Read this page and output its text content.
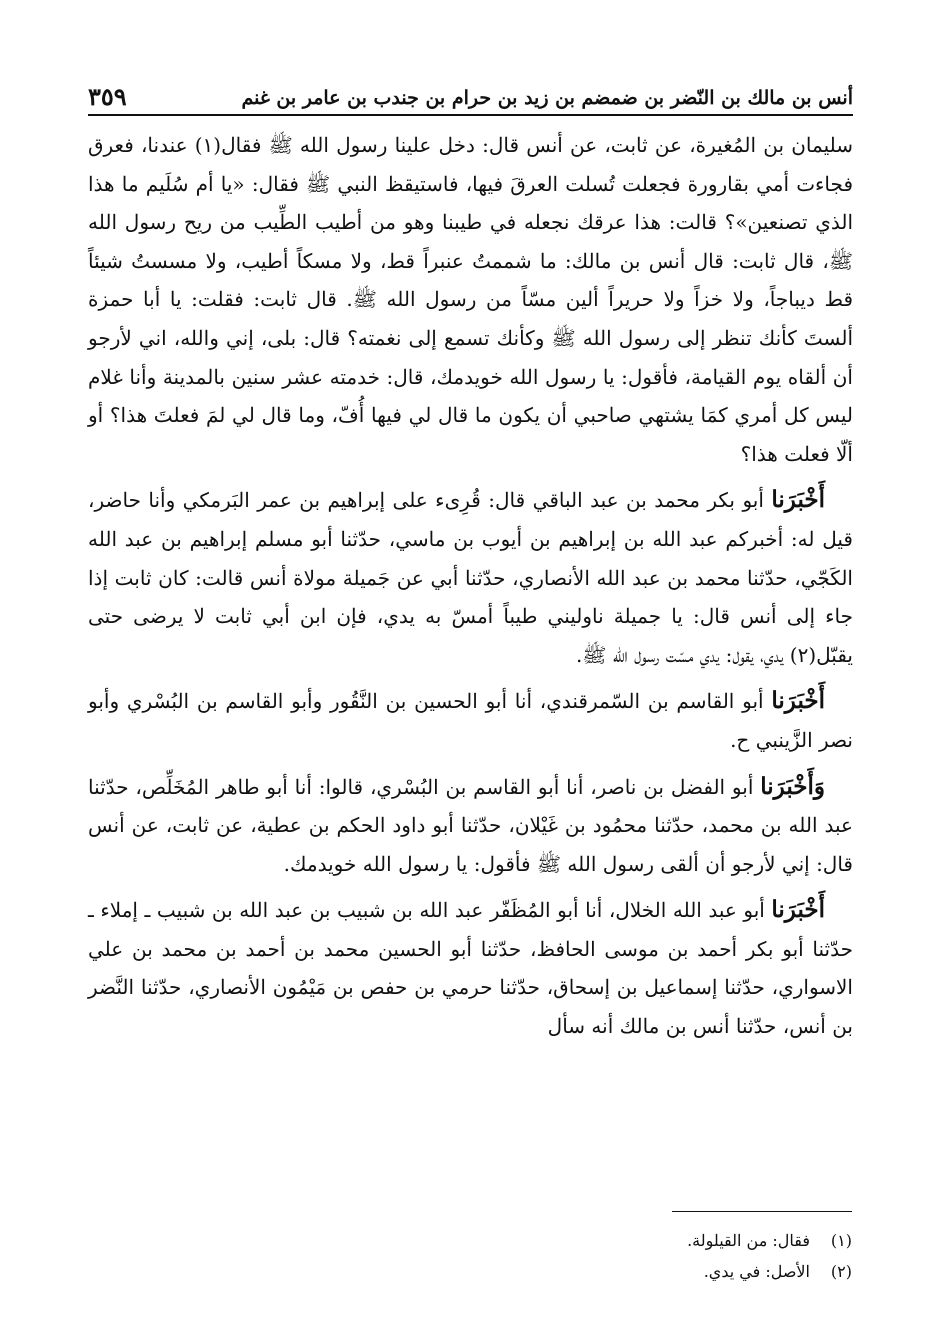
أنس بن مالك بن النّضر بن ضمضم بن زيد بن حرام بن جندب بن عامر بن غنم
٣٥٩

سليمان بن المُغيرة، عن ثابت، عن أنس قال: دخل علينا رسول الله ﷺ فقال(١) عندنا، فعرق فجاءت أمي بقارورة فجعلت تُسلت العرقَ فيها، فاستيقظ النبي ﷺ فقال: «يا أم سُلَيم ما هذا الذي تصنعين»؟ قالت: هذا عرقك نجعله في طيبنا وهو من أطيب الطِّيب من ريح رسول الله ﷺ، قال ثابت: قال أنس بن مالك: ما شممتُ عنبراً قط، ولا مسكاً أطيب، ولا مسستُ شيئاً قط ديباجاً، ولا خزاً ولا حريراً ألين مسّاً من رسول الله ﷺ. قال ثابت: فقلت: يا أبا حمزة ألستَ كأنك تنظر إلى رسول الله ﷺ وكأنك تسمع إلى نغمته؟ قال: بلى، إني والله، اني لأرجو أن ألقاه يوم القيامة، فأقول: يا رسول الله خويدمك، قال: خدمته عشر سنين بالمدينة وأنا غلام ليس كل أمري كمَا يشتهي صاحبي أن يكون ما قال لي فيها أُفّ، وما قال لي لمَ فعلتَ هذا؟ أو ألّا فعلت هذا؟

أَخْبَرَنا أبو بكر محمد بن عبد الباقي قال: قُرِىء على إبراهيم بن عمر البَرمكي وأنا حاضر، قيل له: أخبركم عبد الله بن إبراهيم بن أيوب بن ماسي، حدّثنا أبو مسلم إبراهيم بن عبد الله الكَجّي، حدّثنا محمد بن عبد الله الأنصاري، حدّثنا أبي عن جَميلة مولاة أنس قالت: كان ثابت إذا جاء إلى أنس قال: يا جميلة ناوليني طيباً أمسّ به يدي، فإن ابن أبي ثابت لا يرضى حتى يقبّل(٢) يدي، يقول: يدي مسّت رسول الله ﷺ.

أَخْبَرَنا أبو القاسم بن السّمرقندي، أنا أبو الحسين بن النَّقُور وأبو القاسم بن البُسْري وأبو نصر الزَّينبي ح.

وَأَخْبَرَنا أبو الفضل بن ناصر، أنا أبو القاسم بن البُسْري، قالوا: أنا أبو طاهر المُخَلِّص، حدّثنا عبد الله بن محمد، حدّثنا محمُود بن غَيْلان، حدّثنا أبو داود الحكم بن عطية، عن ثابت، عن أنس قال: إني لأرجو أن ألقى رسول الله ﷺ فأقول: يا رسول الله خويدمك.

أَخْبَرَنا أبو عبد الله الخلال، أنا أبو المُظَفّر عبد الله بن شبيب بن عبد الله بن شبيب ـ إملاء ـ حدّثنا أبو بكر أحمد بن موسى الحافظ، حدّثنا أبو الحسين محمد بن أحمد بن محمد بن علي الاسواري، حدّثنا إسماعيل بن إسحاق، حدّثنا حرمي بن حفص بن مَيْمُون الأنصاري، حدّثنا النَّضر بن أنس، حدّثنا أنس بن مالك أنه سأل

(١)فقال: من القيلولة.
(٢)الأصل: في يدي.
